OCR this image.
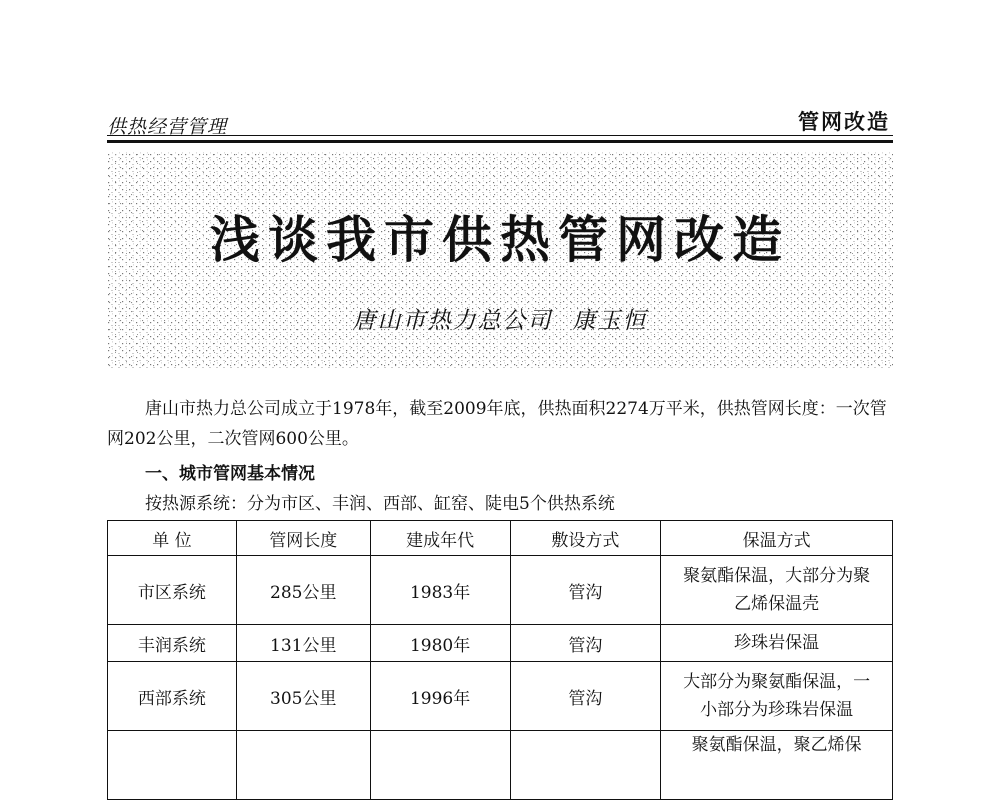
供热经营管理	管网改造
浅谈我市供热管网改造
唐山市热力总公司 康玉恒
唐山市热力总公司成立于1978年，截至2009年底，供热面积2274万平米，供热管网长度：一次管网202公里，二次管网600公里。
一、城市管网基本情况
按热源系统：分为市区、丰润、西部、缸窑、陡电5个供热系统
单 位	管网长度	建成年代	敷设方式	保温方式
市区系统	285公里	1983年	管沟	聚氨酯保温，大部分为聚
乙烯保温壳

丰润系统	131公里	1980年	管沟	珍珠岩保温
西部系统	305公里	1996年	管沟	大部分为聚氨酯保温，一
小部分为珍珠岩保温

				聚氨酯保温，聚乙烯保
